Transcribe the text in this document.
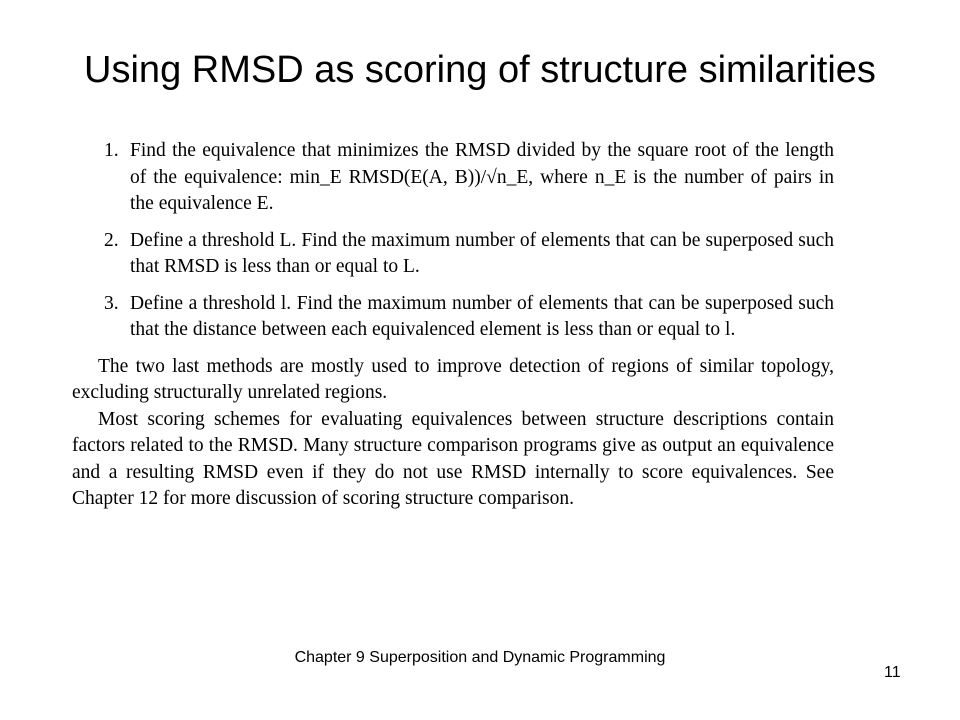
Using RMSD as scoring of structure similarities
1. Find the equivalence that minimizes the RMSD divided by the square root of the length of the equivalence: min_E RMSD(E(A, B))/√n_E, where n_E is the number of pairs in the equivalence E.

2. Define a threshold L. Find the maximum number of elements that can be superposed such that RMSD is less than or equal to L.

3. Define a threshold l. Find the maximum number of elements that can be superposed such that the distance between each equivalenced element is less than or equal to l.

The two last methods are mostly used to improve detection of regions of similar topology, excluding structurally unrelated regions.

Most scoring schemes for evaluating equivalences between structure descriptions contain factors related to the RMSD. Many structure comparison programs give as output an equivalence and a resulting RMSD even if they do not use RMSD internally to score equivalences. See Chapter 12 for more discussion of scoring structure comparison.

Chapter 9 Superposition and Dynamic Programming
11
